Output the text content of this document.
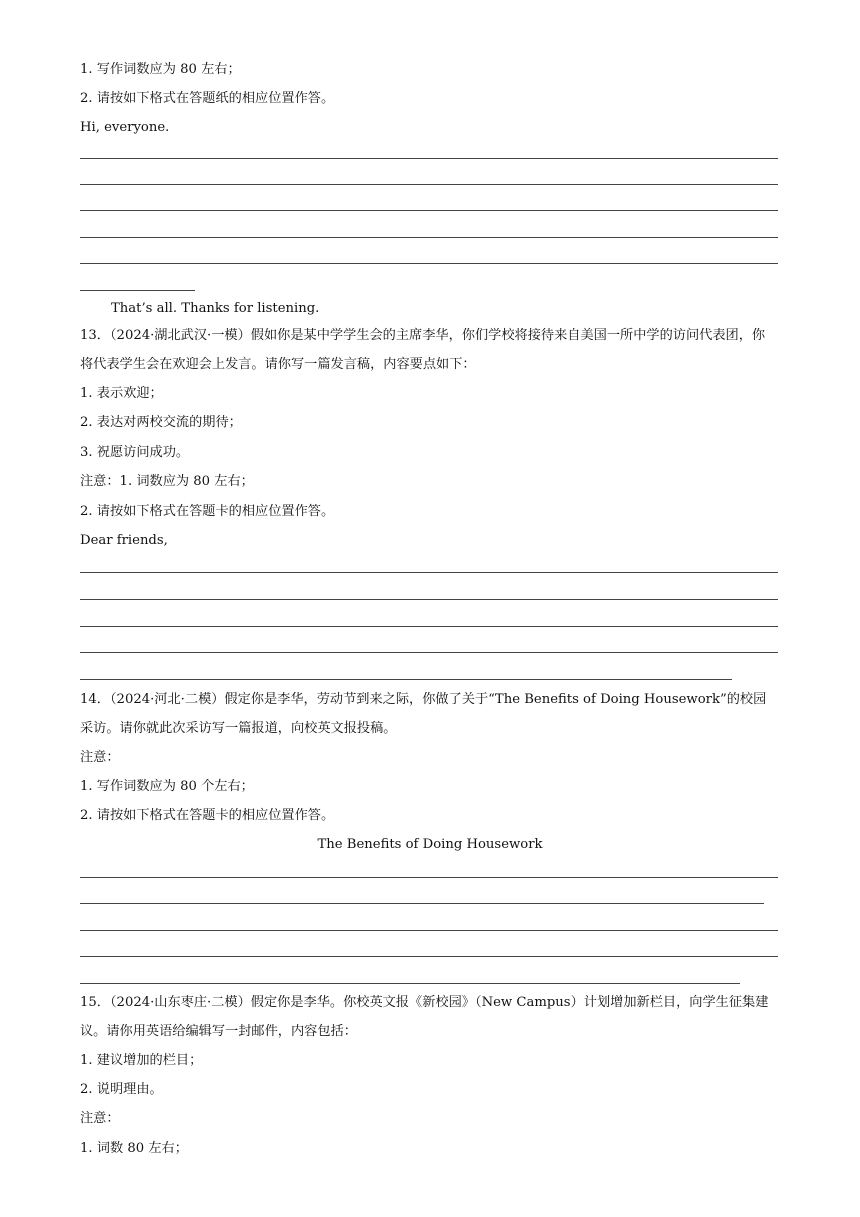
1. 写作词数应为 80 左右；
2. 请按如下格式在答题纸的相应位置作答。
Hi, everyone.
That’s all. Thanks for listening.
13．（2024·湖北武汉·一模）假如你是某中学学生会的主席李华，你们学校将接待来自美国一所中学的访问代表团，你将代表学生会在欢迎会上发言。请你写一篇发言稿，内容要点如下：
1. 表示欢迎；
2. 表达对两校交流的期待；
3. 祝愿访问成功。
注意：1. 词数应为 80 左右；
2. 请按如下格式在答题卡的相应位置作答。
Dear friends,
14．（2024·河北·二模）假定你是李华，劳动节到来之际，你做了关于“The Benefits of Doing Housework”的校园采访。请你就此次采访写一篇报道，向校英文报投稿。
注意：
1. 写作词数应为 80 个左右；
2. 请按如下格式在答题卡的相应位置作答。
The Benefits of Doing Housework
15．（2024·山东枣庄·二模）假定你是李华。你校英文报《新校园》（New Campus）计划增加新栏目，向学生征集建议。请你用英语给编辑写一封邮件，内容包括：
1. 建议增加的栏目；
2. 说明理由。
注意：
1. 词数 80 左右；
